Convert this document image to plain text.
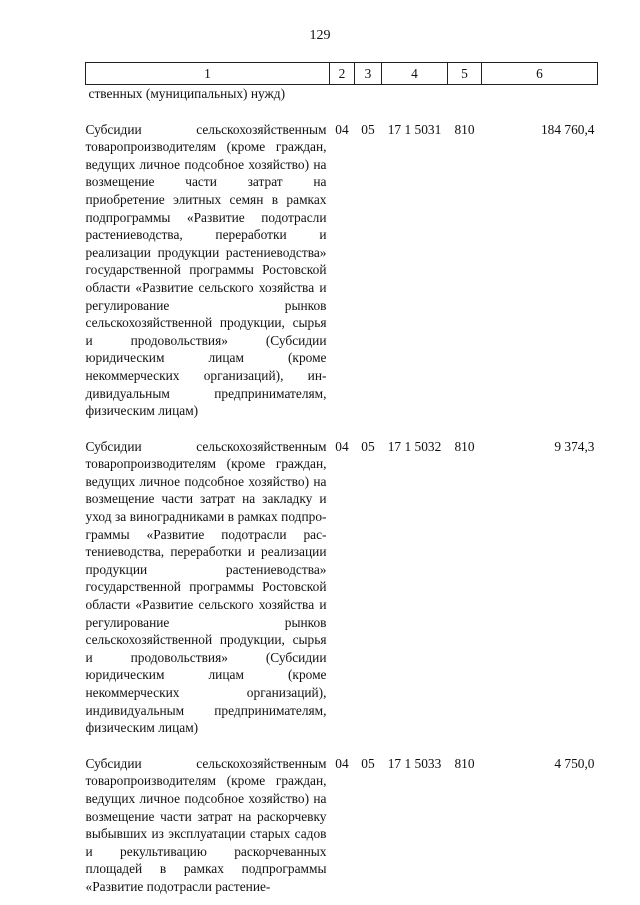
129
1	2	3	4	5	6
ственных (муниципальных) нужд)					
Субсидии сельскохозяйственным товаропроизводителям (кроме граждан, ведущих личное подсобное хозяйство) на возмещение части затрат на приобретение элитных семян в рамках подпрограммы «Развитие подотрасли растениеводства, переработки и реализации продукции растениеводства» государственной программы Ростовской области «Развитие сельского хозяйства и регулирование рынков сельскохозяйственной продукции, сырья и продовольствия» (Субсидии юридическим лицам (кроме некоммерческих организаций), индивидуальным предпринимателям, физическим лицам)	04	05	17 1 5031	810	184 760,4
Субсидии сельскохозяйственным товаропроизводителям (кроме граждан, ведущих личное подсобное хозяйство) на возмещение части затрат на закладку и уход за виноградниками в рамках подпрограммы «Развитие подотрасли растениеводства, переработки и реализации продукции растениеводства» государственной программы Ростовской области «Развитие сельского хозяйства и регулирование рынков сельскохозяйственной продукции, сырья и продовольствия» (Субсидии юридическим лицам (кроме некоммерческих организаций), индивидуальным предпринимателям, физическим лицам)	04	05	17 1 5032	810	9 374,3
Субсидии сельскохозяйственным товаропроизводителям (кроме граждан, ведущих личное подсобное хозяйство) на возмещение части затрат на раскорчевку выбывших из эксплуатации старых садов и рекультивацию раскорчеванных площадей в рамках подпрограммы «Развитие подотрасли растение-	04	05	17 1 5033	810	4 750,0
